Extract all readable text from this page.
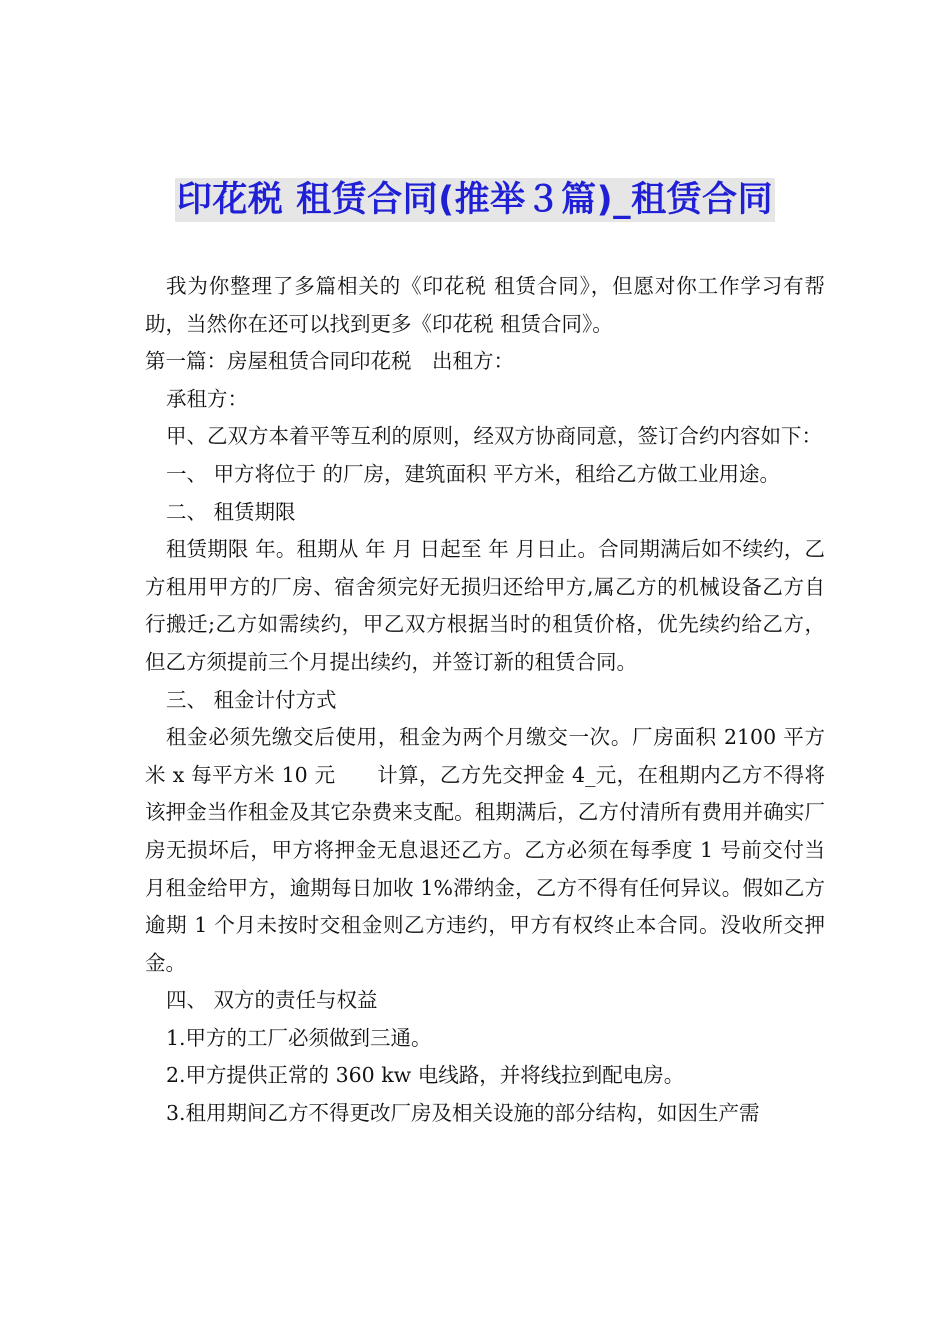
印花税 租赁合同(推举３篇)_租赁合同

我为你整理了多篇相关的《印花税 租赁合同》，但愿对你工作学习有帮助，当然你在还可以找到更多《印花税 租赁合同》。

第一篇：房屋租赁合同印花税　出租方：

承租方：

甲、乙双方本着平等互利的原则，经双方协商同意，签订合约内容如下：

一、 甲方将位于 的厂房，建筑面积 平方米，租给乙方做工业用途。

二、 租赁期限

租赁期限 年。租期从 年 月 日起至 年 月日止。合同期满后如不续约，乙方租用甲方的厂房、宿舍须完好无损归还给甲方,属乙方的机械设备乙方自行搬迁;乙方如需续约，甲乙双方根据当时的租赁价格，优先续约给乙方，但乙方须提前三个月提出续约，并签订新的租赁合同。

三、 租金计付方式

租金必须先缴交后使用，租金为两个月缴交一次。厂房面积 2100 平方米 x 每平方米 10 元　　计算，乙方先交押金 4_元，在租期内乙方不得将该押金当作租金及其它杂费来支配。租期满后，乙方付清所有费用并确实厂房无损坏后，甲方将押金无息退还乙方。乙方必须在每季度 1 号前交付当月租金给甲方，逾期每日加收 1%滞纳金，乙方不得有任何异议。假如乙方逾期 1 个月未按时交租金则乙方违约，甲方有权终止本合同。没收所交押金。

四、 双方的责任与权益

1.甲方的工厂必须做到三通。

2.甲方提供正常的 360 kw 电线路，并将线拉到配电房。

3.租用期间乙方不得更改厂房及相关设施的部分结构，如因生产需
